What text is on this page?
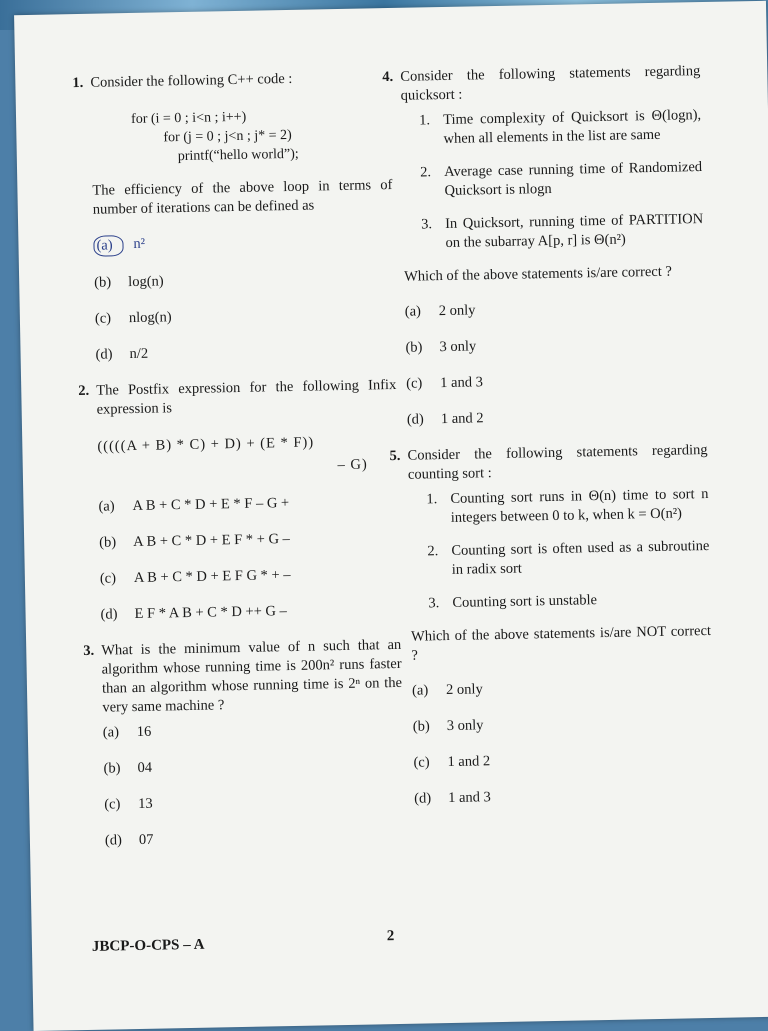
1. Consider the following C++ code :
for (i = 0 ; i<n ; i++)
for (j = 0 ; j<n ; j* = 2)
printf(“hello world”);
The efficiency of the above loop in terms of number of iterations can be defined as
(a)	n²
(b)	log(n)
(c)	nlog(n)
(d)	n/2
2. The Postfix expression for the following Infix expression is
(((((A + B) * C) + D) + (E * F))
– G)
(a)	A B + C * D + E * F – G +
(b)	A B + C * D + E F * + G –
(c)	A B + C * D + E F G * + –
(d)	E F * A B + C * D ++ G –
3. What is the minimum value of n such that an algorithm whose running time is 200n² runs faster than an algorithm whose running time is 2ⁿ on the very same machine ?
(a)	16
(b)	04
(c)	13
(d)	07
4. Consider the following statements regarding quicksort :
1. Time complexity of Quicksort is Θ(logn), when all elements in the list are same
2. Average case running time of Randomized Quicksort is nlogn
3. In Quicksort, running time of PARTITION on the subarray A[p, r] is Θ(n²)
Which of the above statements is/are correct ?
(a)	2 only
(b)	3 only
(c)	1 and 3
(d)	1 and 2
5. Consider the following statements regarding counting sort :
1. Counting sort runs in Θ(n) time to sort n integers between 0 to k, when k = O(n²)
2. Counting sort is often used as a subroutine in radix sort
3. Counting sort is unstable
Which of the above statements is/are NOT correct ?
(a)	2 only
(b)	3 only
(c)	1 and 2
(d)	1 and 3
JBCP-O-CPS – A
2
